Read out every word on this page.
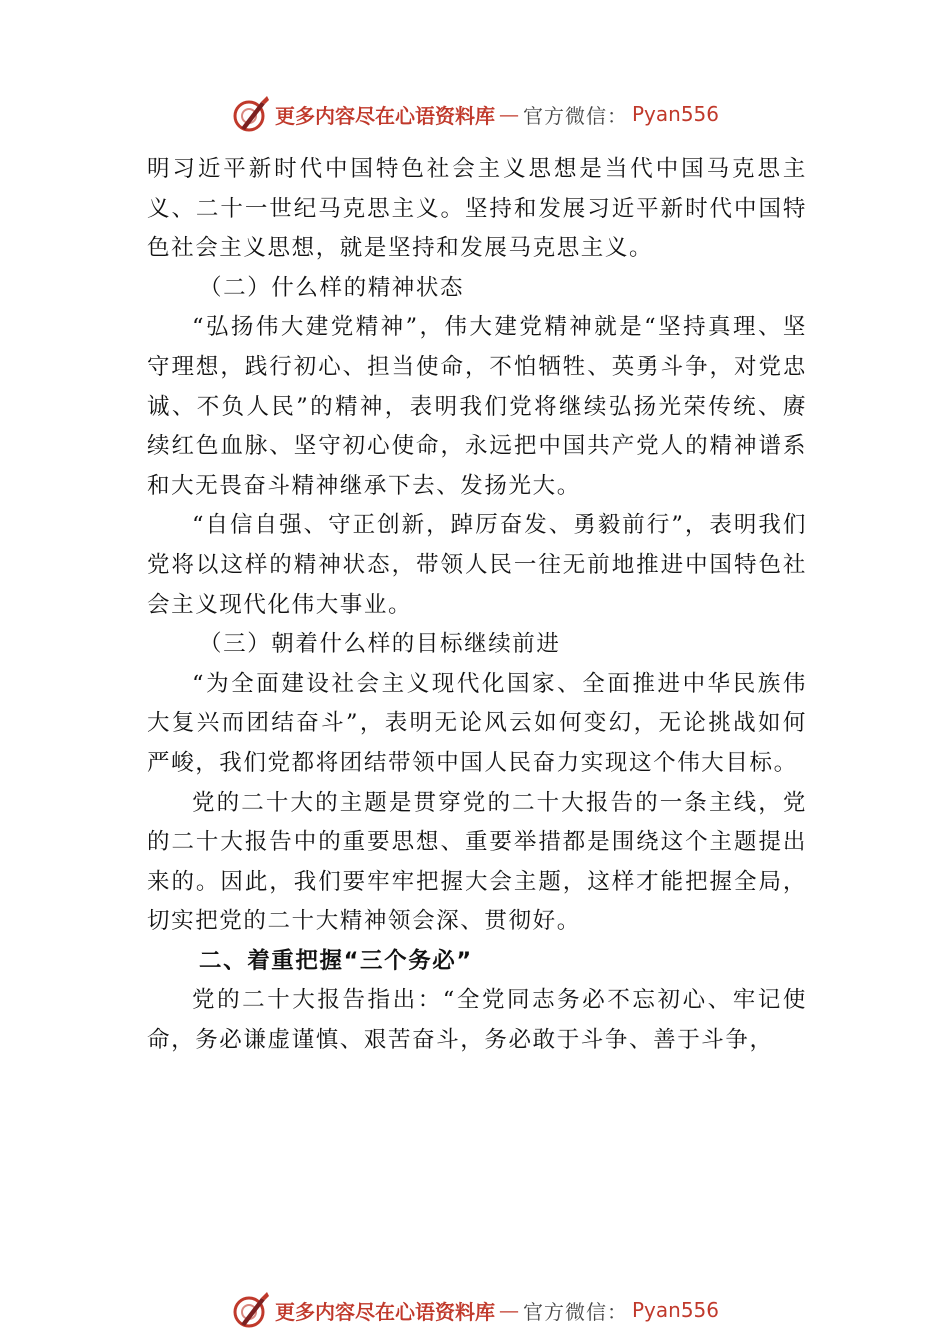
更多内容尽在心语资料库 — 官方微信： Pyan556

明习近平新时代中国特色社会主义思想是当代中国马克思主义、二十一世纪马克思主义。坚持和发展习近平新时代中国特色社会主义思想，就是坚持和发展马克思主义。

（二）什么样的精神状态

“弘扬伟大建党精神”，伟大建党精神就是“坚持真理、坚守理想，践行初心、担当使命，不怕牺牲、英勇斗争，对党忠诚、不负人民”的精神，表明我们党将继续弘扬光荣传统、赓续红色血脉、坚守初心使命，永远把中国共产党人的精神谱系和大无畏奋斗精神继承下去、发扬光大。

“自信自强、守正创新，踔厉奋发、勇毅前行”，表明我们党将以这样的精神状态，带领人民一往无前地推进中国特色社会主义现代化伟大事业。

（三）朝着什么样的目标继续前进

“为全面建设社会主义现代化国家、全面推进中华民族伟大复兴而团结奋斗”，表明无论风云如何变幻，无论挑战如何严峻，我们党都将团结带领中国人民奋力实现这个伟大目标。

党的二十大的主题是贯穿党的二十大报告的一条主线，党的二十大报告中的重要思想、重要举措都是围绕这个主题提出来的。因此，我们要牢牢把握大会主题，这样才能把握全局，切实把党的二十大精神领会深、贯彻好。

二、着重把握“三个务必”

党的二十大报告指出：“全党同志务必不忘初心、牢记使命，务必谦虚谨慎、艰苦奋斗，务必敢于斗争、善于斗争，

更多内容尽在心语资料库 — 官方微信： Pyan556
